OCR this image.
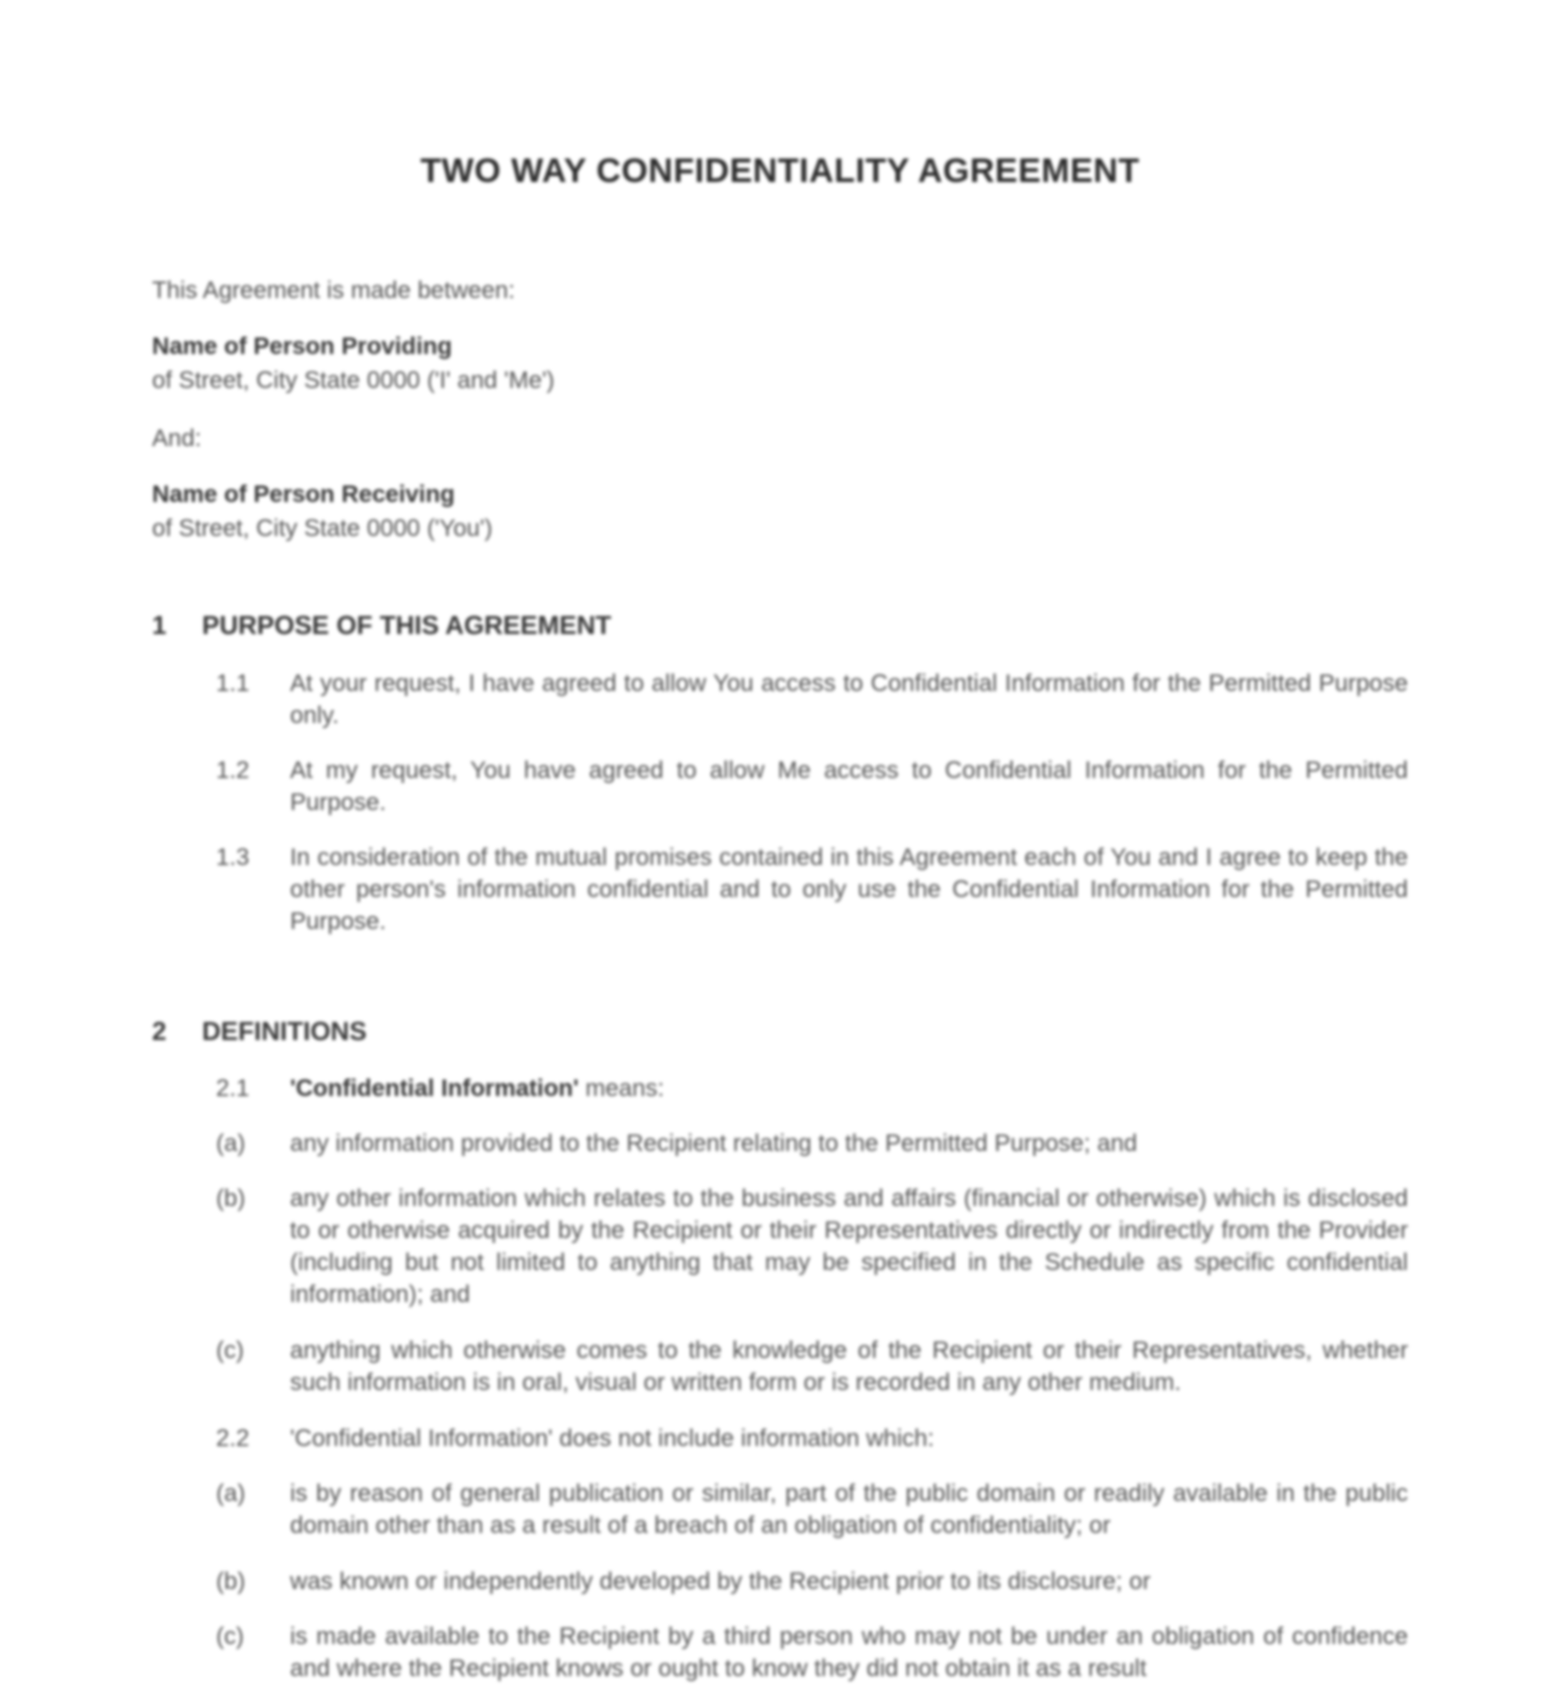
TWO WAY CONFIDENTIALITY AGREEMENT
This Agreement is made between:
Name of Person Providing
of Street, City State 0000 ('I' and 'Me')
And:
Name of Person Receiving
of Street, City State 0000 ('You')
1 PURPOSE OF THIS AGREEMENT
1.1	At your request, I have agreed to allow You access to Confidential Information for the Permitted Purpose only.
1.2	At my request, You have agreed to allow Me access to Confidential Information for the Permitted Purpose.
1.3	In consideration of the mutual promises contained in this Agreement each of You and I agree to keep the other person's information confidential and to only use the Confidential Information for the Permitted Purpose.
2 DEFINITIONS
2.1	'Confidential Information' means:
(a)	any information provided to the Recipient relating to the Permitted Purpose; and
(b)	any other information which relates to the business and affairs (financial or otherwise) which is disclosed to or otherwise acquired by the Recipient or their Representatives directly or indirectly from the Provider (including but not limited to anything that may be specified in the Schedule as specific confidential information); and
(c)	anything which otherwise comes to the knowledge of the Recipient or their Representatives, whether such information is in oral, visual or written form or is recorded in any other medium.
2.2	'Confidential Information' does not include information which:
(a)	is by reason of general publication or similar, part of the public domain or readily available in the public domain other than as a result of a breach of an obligation of confidentiality; or
(b)	was known or independently developed by the Recipient prior to its disclosure; or
(c)	is made available to the Recipient by a third person who may not be under an obligation of confidence and where the Recipient knows or ought to know they did not obtain it as a result
